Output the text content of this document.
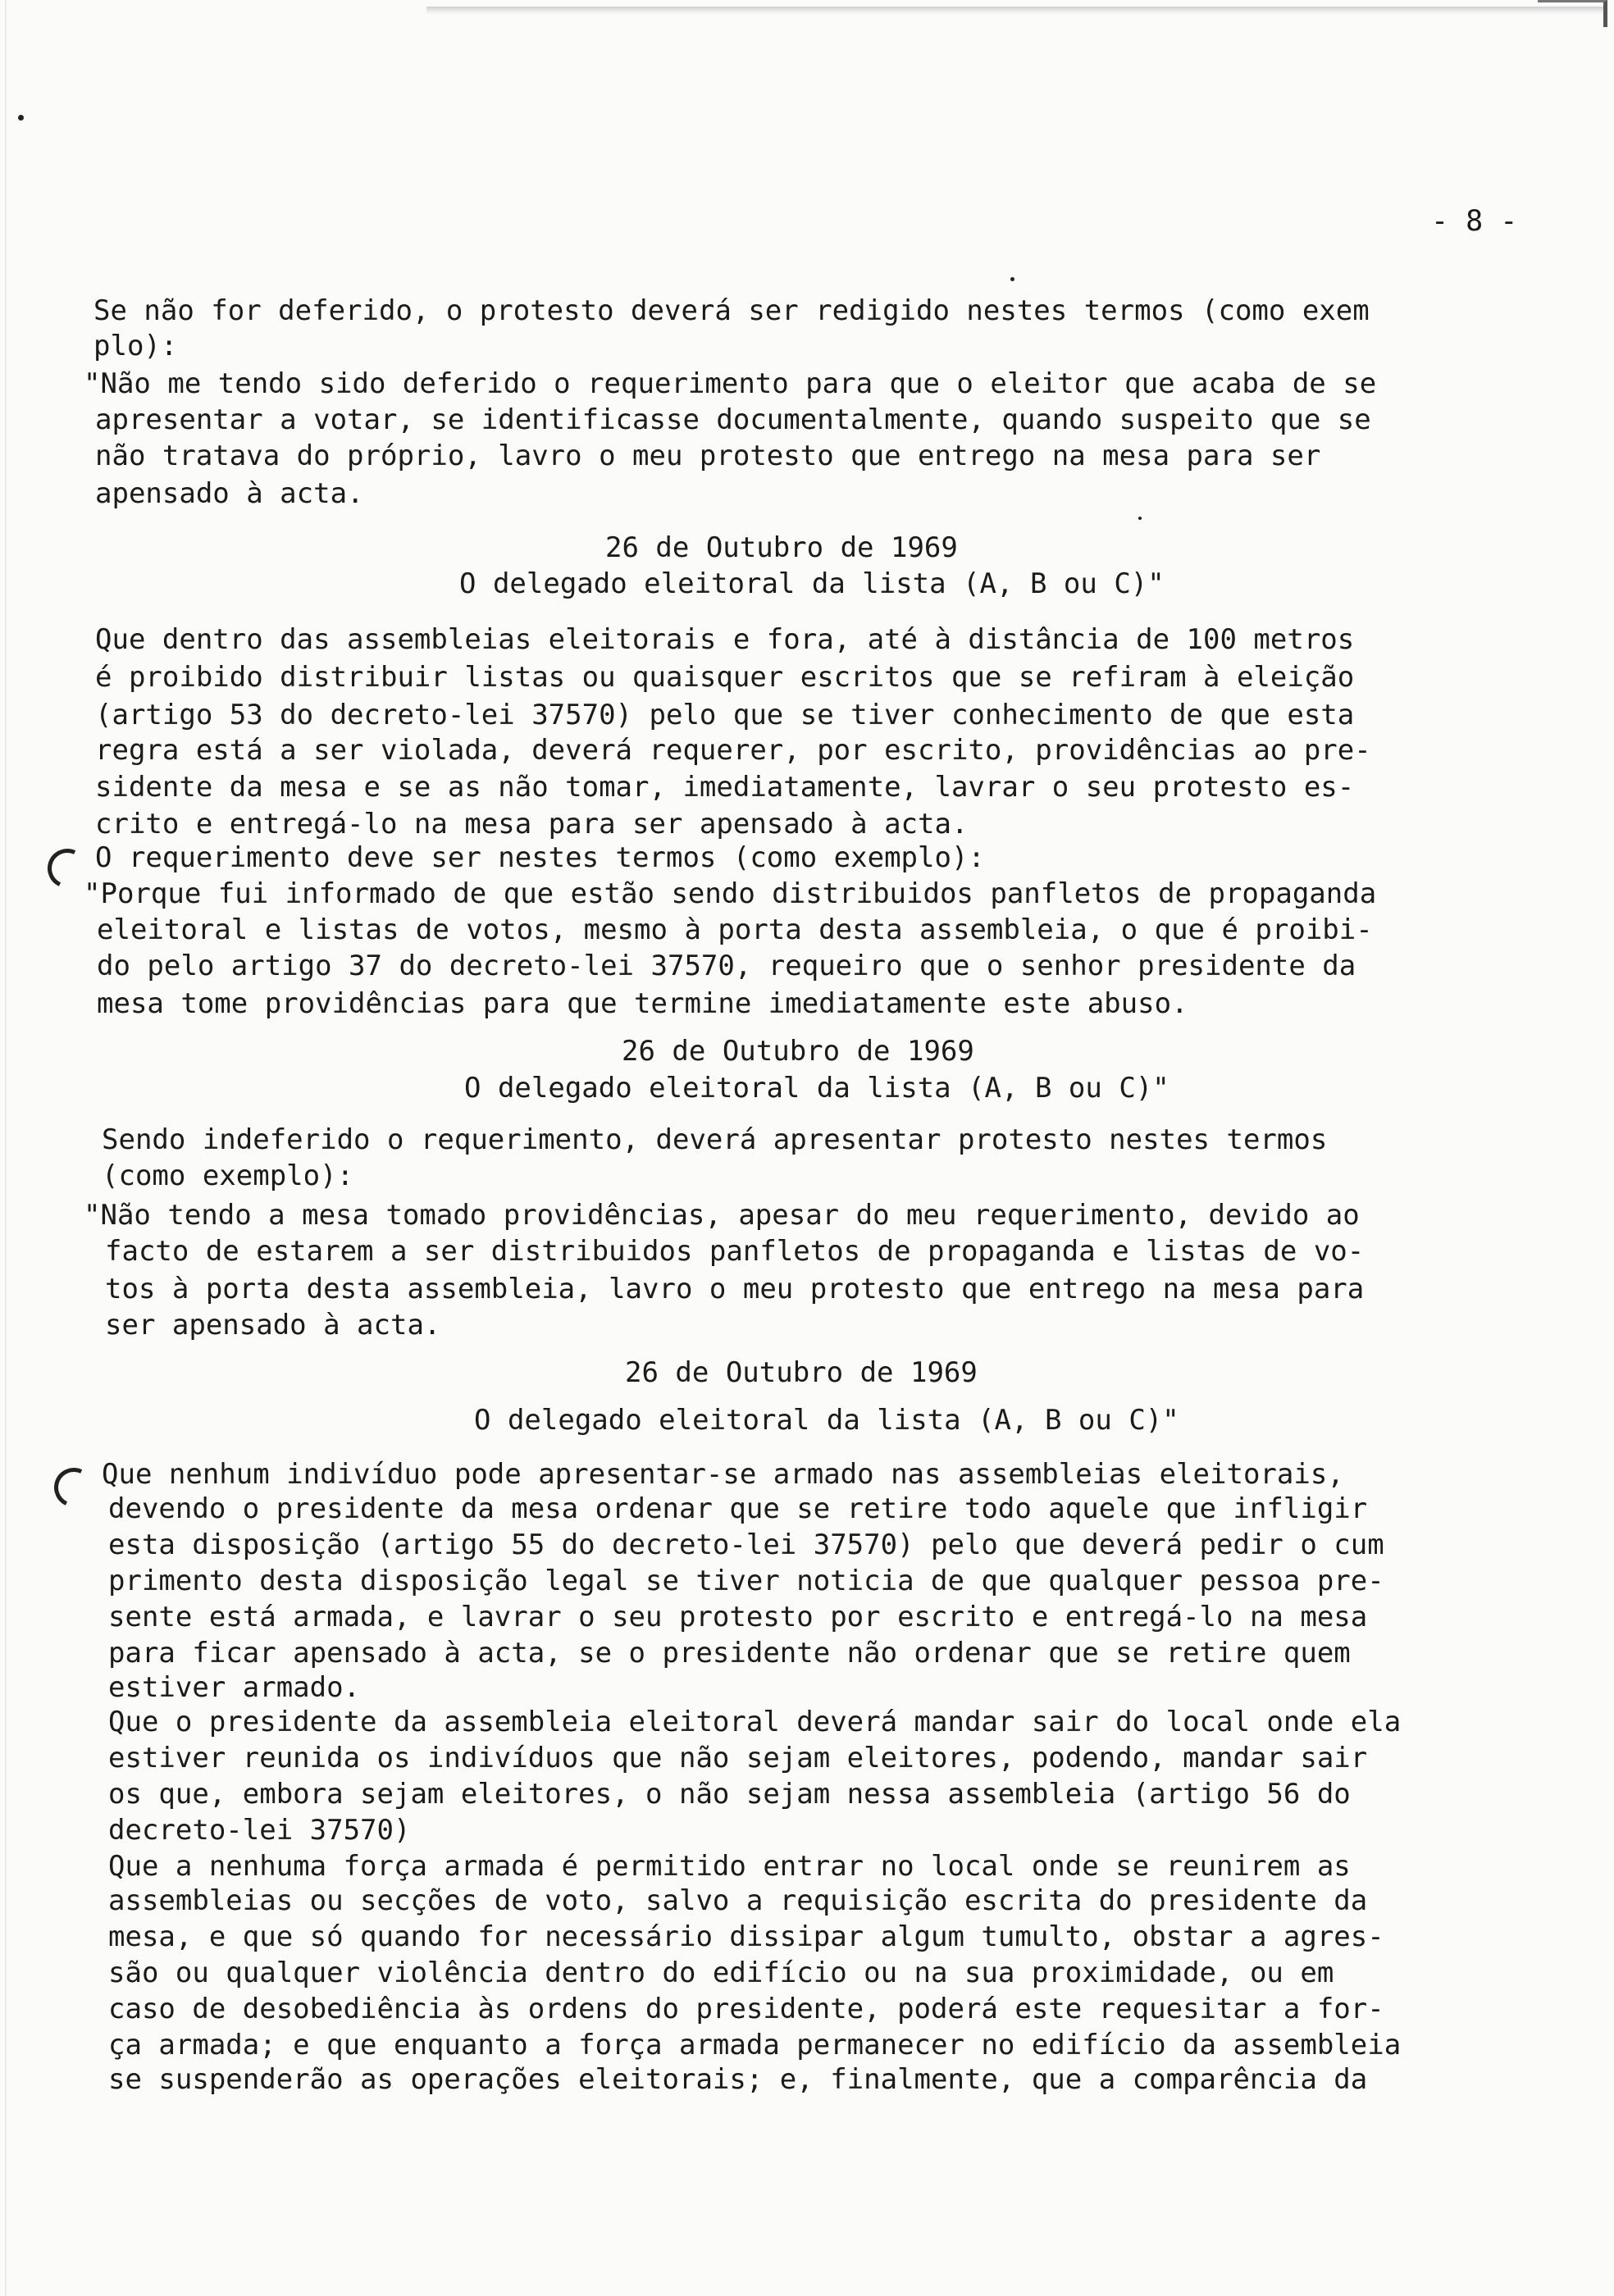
- 8 -
Se não for deferido, o protesto deverá ser redigido nestes termos (como exem
plo):
"Não me tendo sido deferido o requerimento para que o eleitor que acaba de se
apresentar a votar, se identificasse documentalmente, quando suspeito que se
não tratava do próprio, lavro o meu protesto que entrego na mesa para ser
apensado à acta.
26 de Outubro de 1969
O delegado eleitoral da lista (A, B ou C)"
Que dentro das assembleias eleitorais e fora, até à distância de 100 metros
é proibido distribuir listas ou quaisquer escritos que se refiram à eleição
(artigo 53 do decreto-lei 37570) pelo que se tiver conhecimento de que esta
regra está a ser violada, deverá requerer, por escrito, providências ao pre-
sidente da mesa e se as não tomar, imediatamente, lavrar o seu protesto es-
crito e entregá-lo na mesa para ser apensado à acta.
O requerimento deve ser nestes termos (como exemplo):
"Porque fui informado de que estão sendo distribuidos panfletos de propaganda
eleitoral e listas de votos, mesmo à porta desta assembleia, o que é proibi-
do pelo artigo 37 do decreto-lei 37570, requeiro que o senhor presidente da
mesa tome providências para que termine imediatamente este abuso.
26 de Outubro de 1969
O delegado eleitoral da lista (A, B ou C)"
Sendo indeferido o requerimento, deverá apresentar protesto nestes termos
(como exemplo):
"Não tendo a mesa tomado providências, apesar do meu requerimento, devido ao
facto de estarem a ser distribuidos panfletos de propaganda e listas de vo-
tos à porta desta assembleia, lavro o meu protesto que entrego na mesa para
ser apensado à acta.
26 de Outubro de 1969
O delegado eleitoral da lista (A, B ou C)"
Que nenhum indivíduo pode apresentar-se armado nas assembleias eleitorais,
devendo o presidente da mesa ordenar que se retire todo aquele que infligir
esta disposição (artigo 55 do decreto-lei 37570) pelo que deverá pedir o cum
primento desta disposição legal se tiver noticia de que qualquer pessoa pre-
sente está armada, e lavrar o seu protesto por escrito e entregá-lo na mesa
para ficar apensado à acta, se o presidente não ordenar que se retire quem
estiver armado.
Que o presidente da assembleia eleitoral deverá mandar sair do local onde ela
estiver reunida os indivíduos que não sejam eleitores, podendo, mandar sair
os que, embora sejam eleitores, o não sejam nessa assembleia (artigo 56 do
decreto-lei 37570)
Que a nenhuma força armada é permitido entrar no local onde se reunirem as
assembleias ou secções de voto, salvo a requisição escrita do presidente da
mesa, e que só quando for necessário dissipar algum tumulto, obstar a agres-
são ou qualquer violência dentro do edifício ou na sua proximidade, ou em
caso de desobediência às ordens do presidente, poderá este requesitar a for-
ça armada; e que enquanto a força armada permanecer no edifício da assembleia
se suspenderão as operações eleitorais; e, finalmente, que a comparência da
